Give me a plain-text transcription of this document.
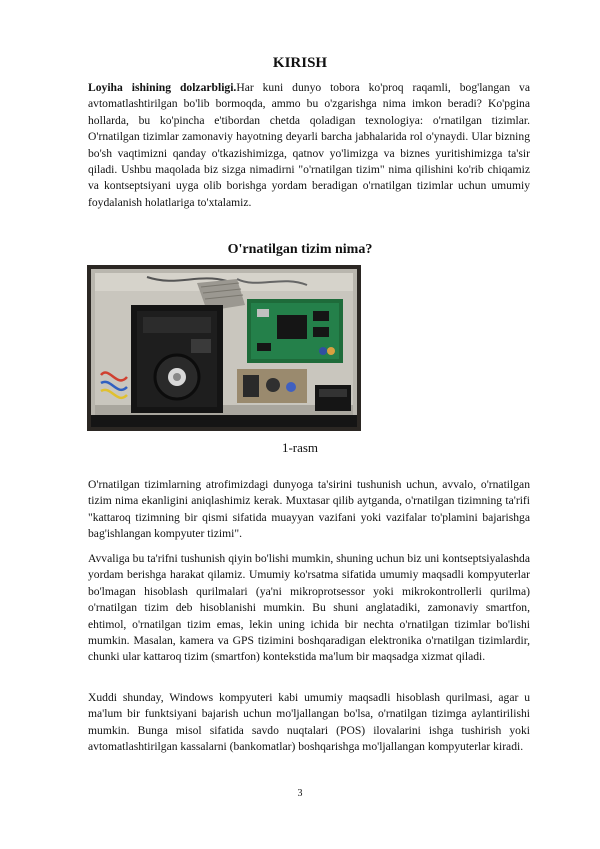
KIRISH

Loyiha ishining dolzarbligi.Har kuni dunyo tobora ko'proq raqamli, bog'langan va avtomatlashtirilgan bo'lib bormoqda, ammo bu o'zgarishga nima imkon beradi? Ko'pgina hollarda, bu ko'pincha e'tibordan chetda qoladigan texnologiya: o'rnatilgan tizimlar. O'rnatilgan tizimlar zamonaviy hayotning deyarli barcha jabhalarida rol o'ynaydi. Ular bizning bo'sh vaqtimizni qanday o'tkazishimizga, qatnov yo'limizga va biznes yuritishimizga ta'sir qiladi. Ushbu maqolada biz sizga nimadirni "o'rnatilgan tizim" nima qilishini ko'rib chiqamiz va kontseptsiyani uyga olib borishga yordam beradigan o'rnatilgan tizimlar uchun umumiy foydalanish holatlariga to'xtalamiz.

O'rnatilgan tizim nima?
1-rasm

O'rnatilgan tizimlarning atrofimizdagi dunyoga ta'sirini tushunish uchun, avvalo, o'rnatilgan tizim nima ekanligini aniqlashimiz kerak. Muxtasar qilib aytganda, o'rnatilgan tizimning ta'rifi "kattaroq tizimning bir qismi sifatida muayyan vazifani yoki vazifalar to'plamini bajarishga bag'ishlangan kompyuter tizimi".

Avvaliga bu ta'rifni tushunish qiyin bo'lishi mumkin, shuning uchun biz uni kontseptsiyalashda yordam berishga harakat qilamiz. Umumiy ko'rsatma sifatida umumiy maqsadli kompyuterlar bo'lmagan hisoblash qurilmalari (ya'ni mikroprotsessor yoki mikrokontrollerli qurilma) o'rnatilgan tizim deb hisoblanishi mumkin. Bu shuni anglatadiki, zamonaviy smartfon, ehtimol, o'rnatilgan tizim emas, lekin uning ichida bir nechta o'rnatilgan tizimlar bo'lishi mumkin. Masalan, kamera va GPS tizimini boshqaradigan elektronika o'rnatilgan tizimlardir, chunki ular kattaroq tizim (smartfon) kontekstida ma'lum bir maqsadga xizmat qiladi.

Xuddi shunday, Windows kompyuteri kabi umumiy maqsadli hisoblash qurilmasi, agar u ma'lum bir funktsiyani bajarish uchun mo'ljallangan bo'lsa, o'rnatilgan tizimga aylantirilishi mumkin. Bunga misol sifatida savdo nuqtalari (POS) ilovalarini ishga tushirish yoki avtomatlashtirilgan kassalarni (bankomatlar) boshqarishga mo'ljallangan kompyuterlar kiradi.

3
